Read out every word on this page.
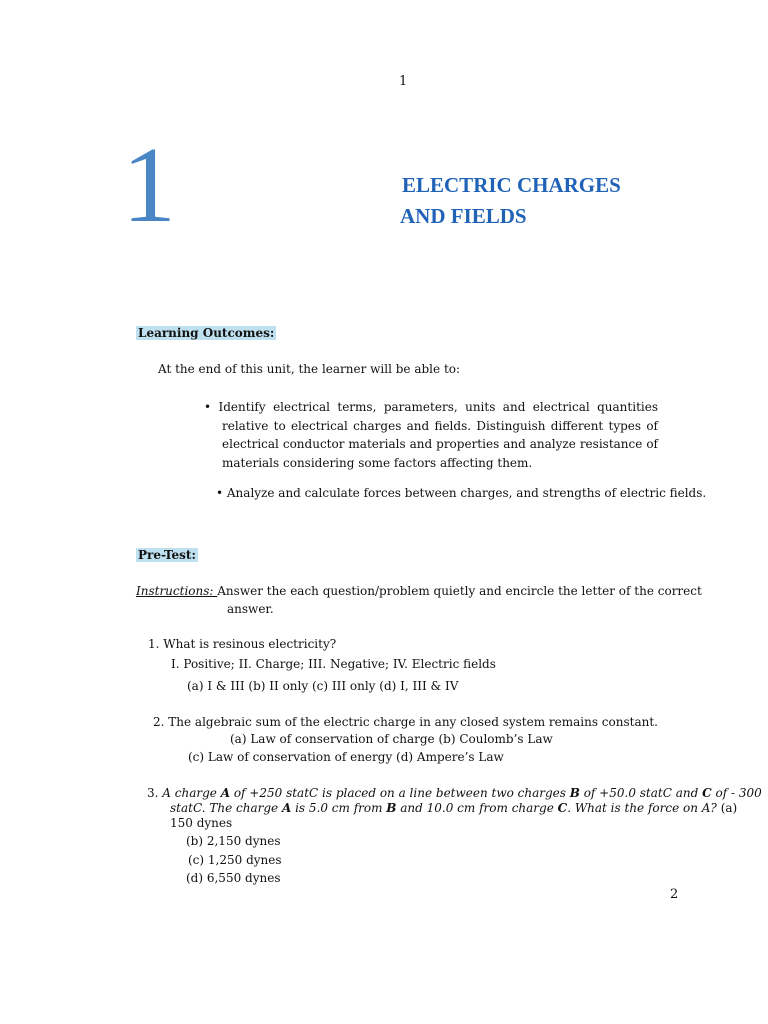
1
1	ELECTRIC CHARGES
AND FIELDS
Learning Outcomes:
At the end of this unit, the learner will be able to:
• Identify electrical terms, parameters, units and electrical quantities relative to electrical charges and fields. Distinguish different types of electrical conductor materials and properties and analyze resistance of materials considering some factors affecting them.
• Analyze and calculate forces between charges, and strengths of electric fields.
Pre-Test:
Instructions: Answer the each question/problem quietly and encircle the letter of the correct
answer.
1. What is resinous electricity?
I. Positive; II. Charge; III. Negative; IV. Electric fields
(a) I & III (b) II only (c) III only (d) I, III & IV
2. The algebraic sum of the electric charge in any closed system remains constant.
(a) Law of conservation of charge (b) Coulomb’s Law
(c) Law of conservation of energy (d) Ampere’s Law
3. A charge A of +250 statC is placed on a line between two charges B of +50.0 statC and C of - 300
statC. The charge A is 5.0 cm from B and 10.0 cm from charge C. What is the force on A? (a)
150 dynes
(b) 2,150 dynes
(c) 1,250 dynes
(d) 6,550 dynes
2
